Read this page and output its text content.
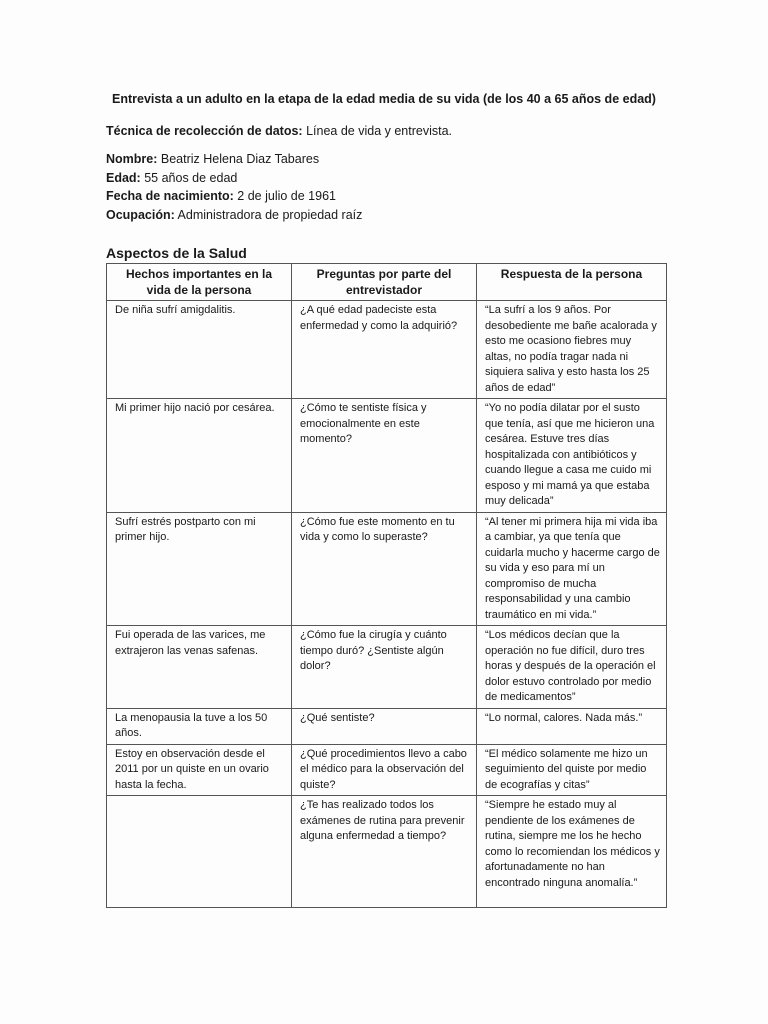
Entrevista a un adulto en la etapa de la edad media de su vida (de los 40 a 65 años de edad)
Técnica de recolección de datos: Línea de vida y entrevista.
Nombre: Beatriz Helena Diaz Tabares
Edad: 55 años de edad
Fecha de nacimiento: 2 de julio de 1961
Ocupación: Administradora de propiedad raíz
Aspectos de la Salud
Hechos importantes en la vida de la persona	Preguntas por parte del entrevistador	Respuesta de la persona
De niña sufrí amigdalitis.	¿A qué edad padeciste esta enfermedad y como la adquirió?	“La sufrí a los 9 años. Por desobediente me bañe acalorada y esto me ocasiono fiebres muy altas, no podía tragar nada ni siquiera saliva y esto hasta los 25 años de edad”
Mi primer hijo nació por cesárea.	¿Cómo te sentiste física y emocionalmente en este momento?	“Yo no podía dilatar por el susto que tenía, así que me hicieron una cesárea. Estuve tres días hospitalizada con antibióticos y cuando llegue a casa me cuido mi esposo y mi mamá ya que estaba muy delicada”
Sufrí estrés postparto con mi primer hijo.	¿Cómo fue este momento en tu vida y como lo superaste?	“Al tener mi primera hija mi vida iba a cambiar, ya que tenía que cuidarla mucho y hacerme cargo de su vida y eso para mí un compromiso de mucha responsabilidad y una cambio traumático en mi vida.”
Fui operada de las varices, me extrajeron las venas safenas.	¿Cómo fue la cirugía y cuánto tiempo duró? ¿Sentiste algún dolor?	“Los médicos decían que la operación no fue difícil, duro tres horas y después de la operación el dolor estuvo controlado por medio de medicamentos”
La menopausia la tuve a los 50 años.	¿Qué sentiste?	“Lo normal, calores. Nada más.”
Estoy en observación desde el 2011 por un quiste en un ovario hasta la fecha.	¿Qué procedimientos llevo a cabo el médico para la observación del quiste?	“El médico solamente me hizo un seguimiento del quiste por medio de ecografías y citas”
	¿Te has realizado todos los exámenes de rutina para prevenir alguna enfermedad a tiempo?	“Siempre he estado muy al pendiente de los exámenes de rutina, siempre me los he hecho como lo recomiendan los médicos y afortunadamente no han encontrado ninguna anomalía.”
